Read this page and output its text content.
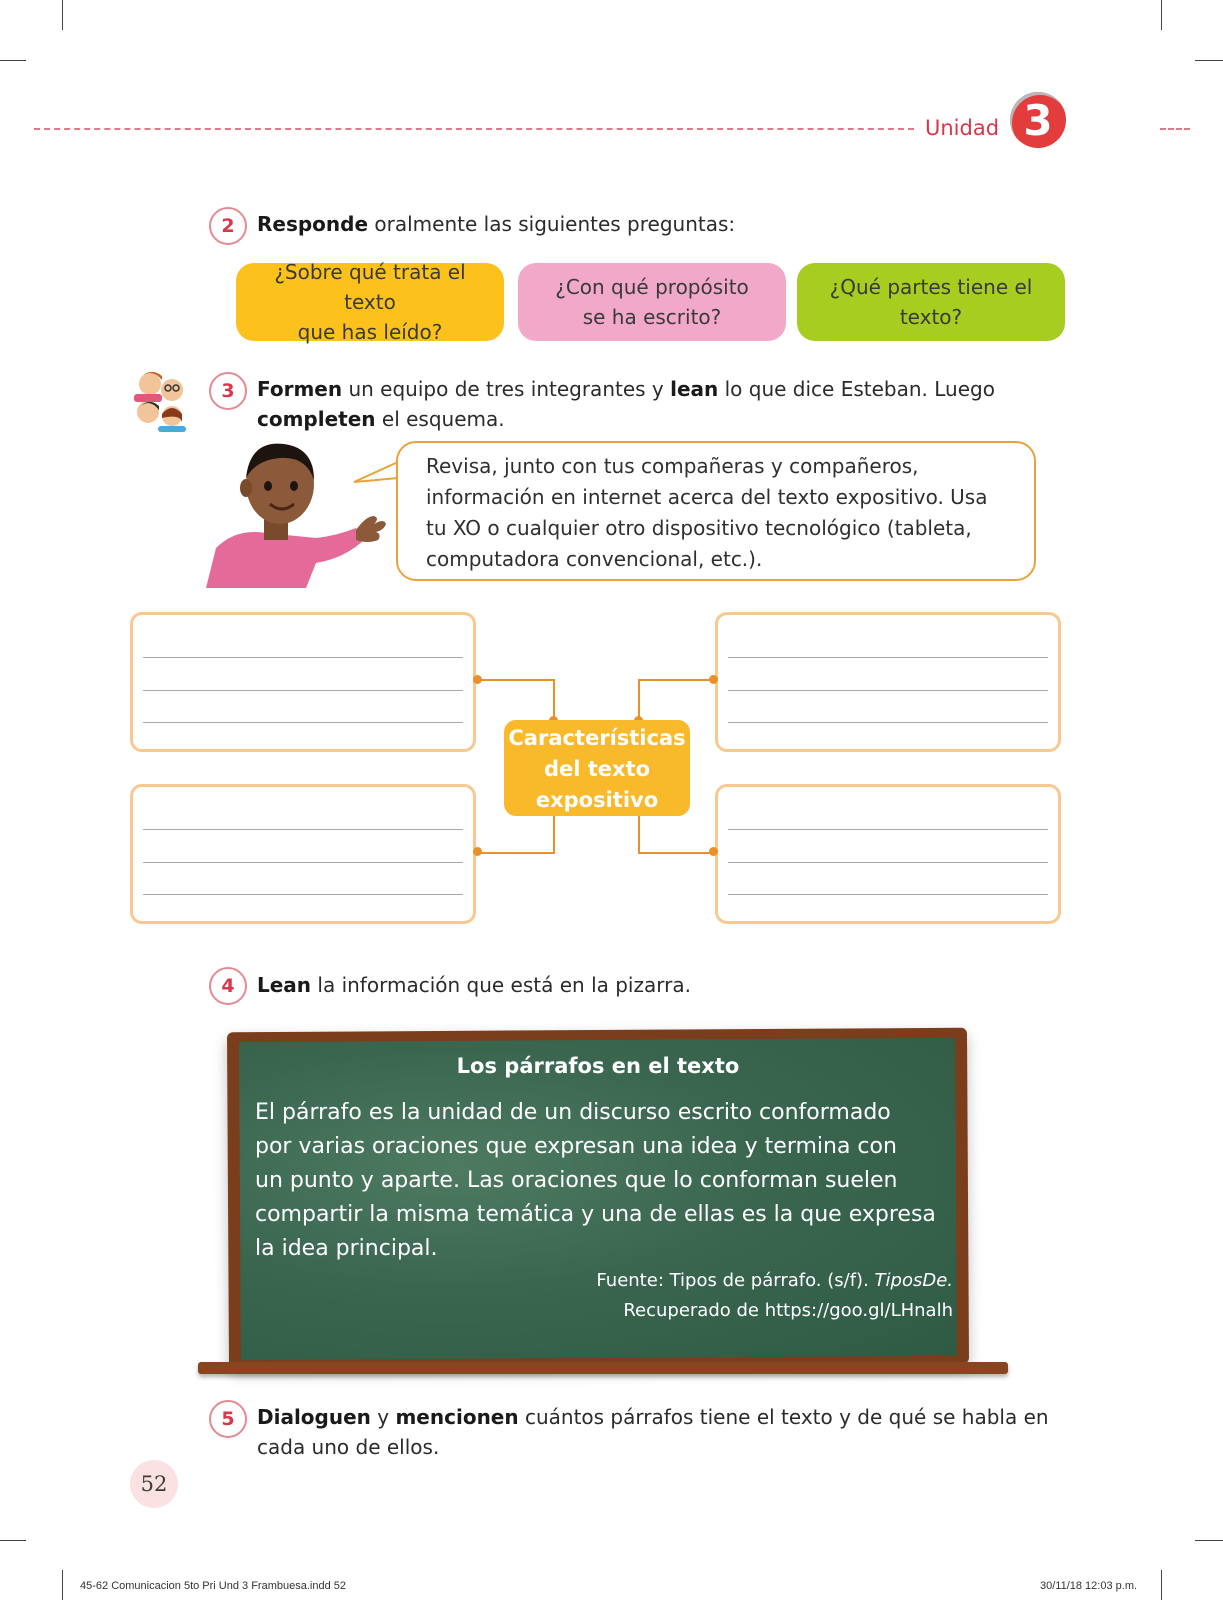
Unidad 3
2	Responde oralmente las siguientes preguntas:
¿Sobre qué trata el texto
que has leído?
¿Con qué propósito
se ha escrito?
¿Qué partes tiene el
texto?
3	Formen un equipo de tres integrantes y lean lo que dice Esteban. Luego
completen el esquema.
Revisa, junto con tus compañeras y compañeros,
información en internet acerca del texto expositivo. Usa
tu XO o cualquier otro dispositivo tecnológico (tableta,
computadora convencional, etc.).
Características
del texto
expositivo
4	Lean la información que está en la pizarra.
Los párrafos en el texto
El párrafo es la unidad de un discurso escrito conformado
por varias oraciones que expresan una idea y termina con
un punto y aparte. Las oraciones que lo conforman suelen
compartir la misma temática y una de ellas es la que expresa
la idea principal.
Fuente: Tipos de párrafo. (s/f). TiposDe.
Recuperado de https://goo.gl/LHnalh
5	Dialoguen y mencionen cuántos párrafos tiene el texto y de qué se habla en
cada uno de ellos.
52
45-62 Comunicacion 5to Pri Und 3 Frambuesa.indd 52	30/11/18 12:03 p.m.
